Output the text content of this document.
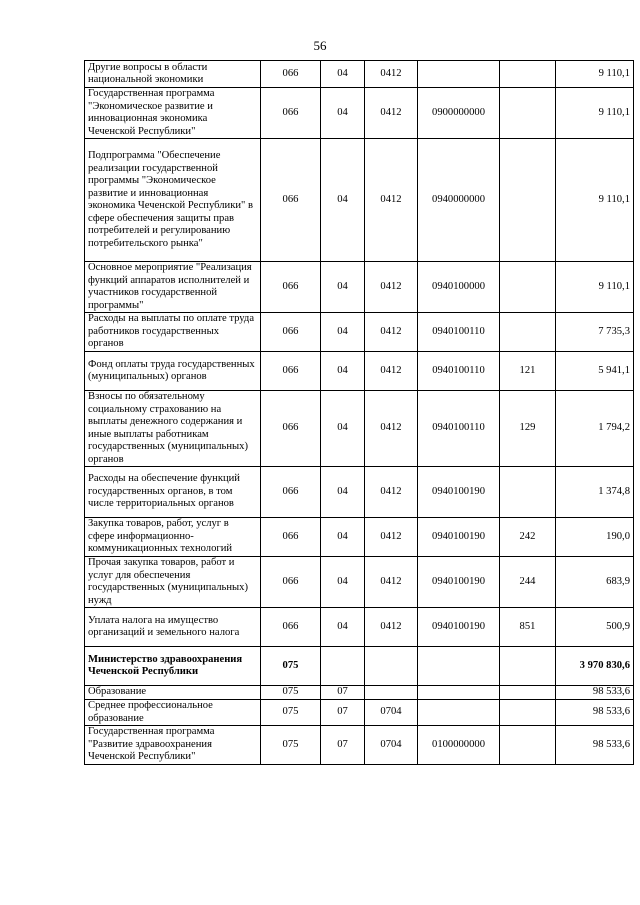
56
Другие вопросы в области национальной экономики	066	04	0412			9 110,1
Государственная программа "Экономическое развитие и инновационная экономика Чеченской Республики"	066	04	0412	0900000000		9 110,1
Подпрограмма "Обеспечение реализации государственной программы "Экономическое развитие и инновационная экономика Чеченской Республики" в сфере обеспечения защиты прав потребителей и регулированию потребительского рынка"	066	04	0412	0940000000		9 110,1
Основное мероприятие "Реализация функций аппаратов исполнителей и участников государственной программы"	066	04	0412	0940100000		9 110,1
Расходы на выплаты по оплате труда работников государственных органов	066	04	0412	0940100110		7 735,3
Фонд оплаты труда государственных (муниципальных) органов	066	04	0412	0940100110	121	5 941,1
Взносы по обязательному социальному страхованию на выплаты денежного содержания и иные выплаты работникам государственных (муниципальных) органов	066	04	0412	0940100110	129	1 794,2
Расходы на обеспечение функций государственных органов, в том числе территориальных органов	066	04	0412	0940100190		1 374,8
Закупка товаров, работ, услуг в сфере информационно-коммуникационных технологий	066	04	0412	0940100190	242	190,0
Прочая закупка товаров, работ и услуг для обеспечения государственных (муниципальных) нужд	066	04	0412	0940100190	244	683,9
Уплата налога на имущество организаций и земельного налога	066	04	0412	0940100190	851	500,9
Министерство здравоохранения Чеченской Республики	075					3 970 830,6
Образование	075	07				98 533,6
Среднее профессиональное образование	075	07	0704			98 533,6
Государственная программа "Развитие здравоохранения Чеченской Республики"	075	07	0704	0100000000		98 533,6
